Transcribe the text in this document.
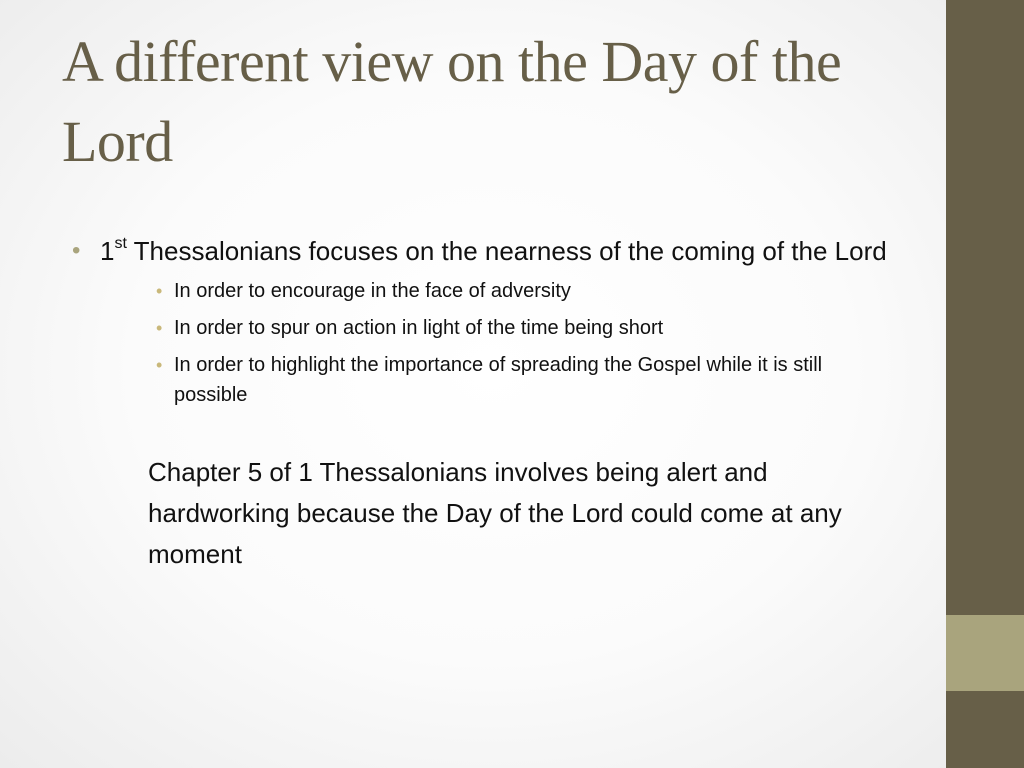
A different view on the Day of the Lord
• 1st Thessalonians focuses on the nearness of the coming of the Lord
• In order to encourage in the face of adversity
• In order to spur on action in light of the time being short
• In order to highlight the importance of spreading the Gospel while it is still possible
Chapter 5 of 1 Thessalonians involves being alert and hardworking because the Day of the Lord could come at any moment
